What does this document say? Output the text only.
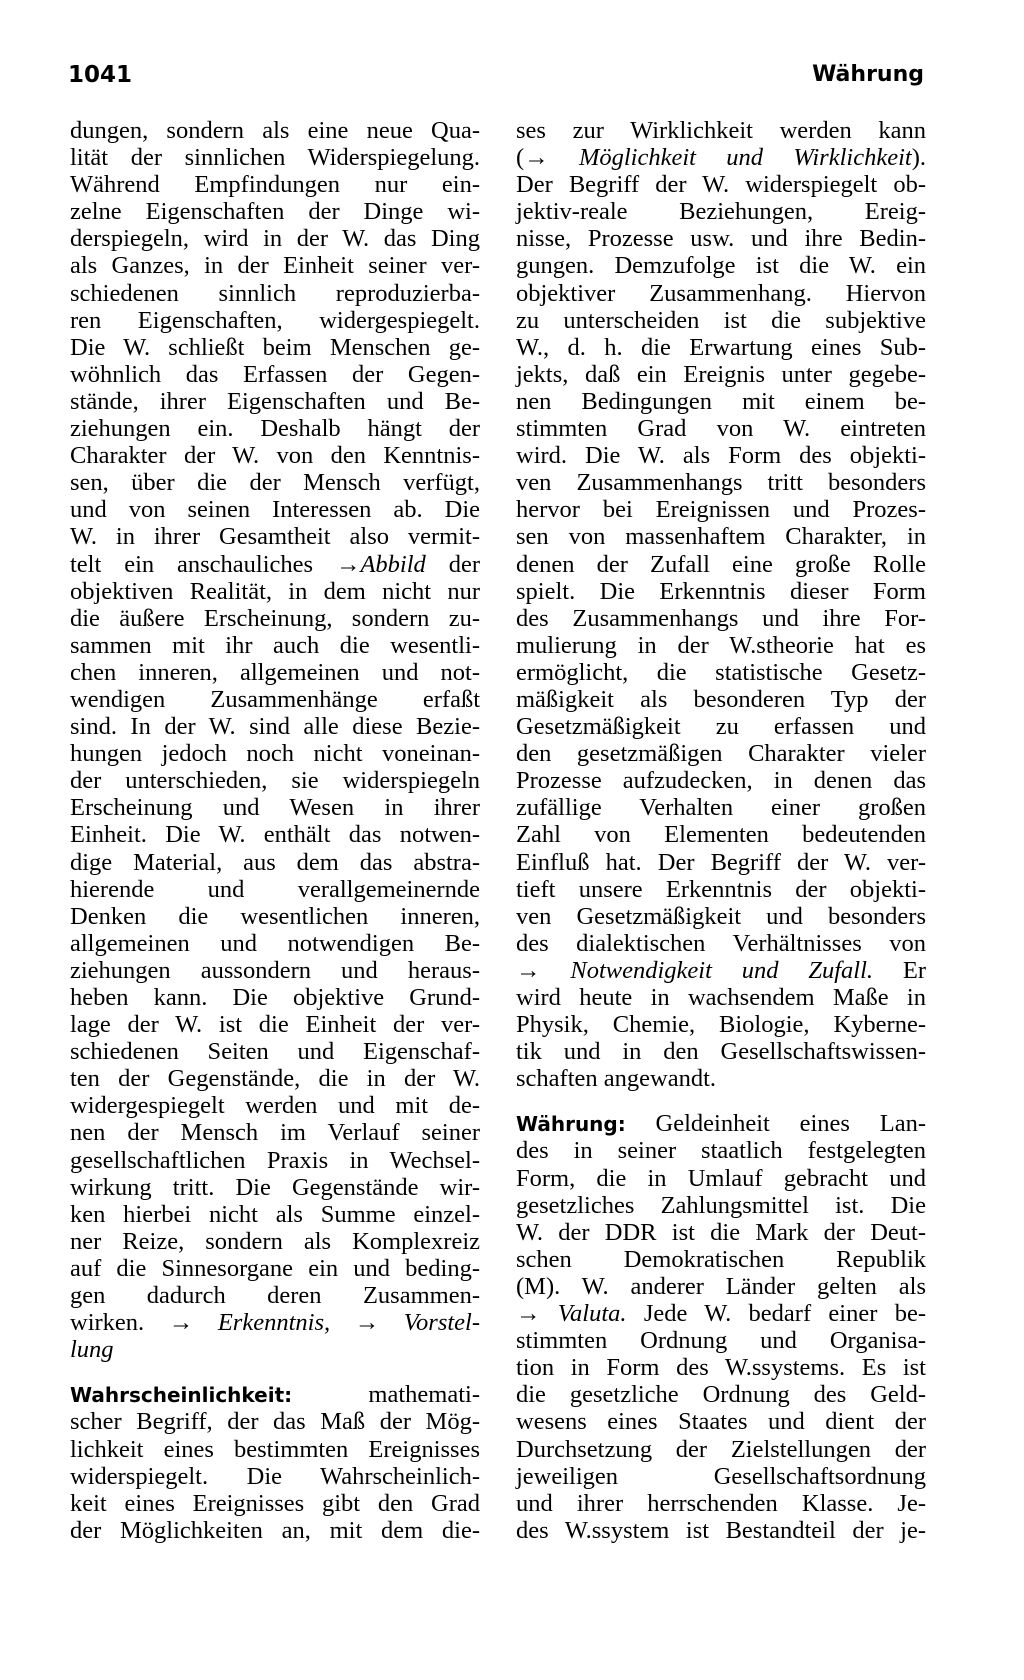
1041	Währung
dungen, sondern als eine neue Qua-
lität der sinnlichen Widerspiegelung.
Während Empfindungen nur ein-
zelne Eigenschaften der Dinge wi-
derspiegeln, wird in der W. das Ding
als Ganzes, in der Einheit seiner ver-
schiedenen sinnlich reproduzierba-
ren Eigenschaften, widergespiegelt.
Die W. schließt beim Menschen ge-
wöhnlich das Erfassen der Gegen-
stände, ihrer Eigenschaften und Be-
ziehungen ein. Deshalb hängt der
Charakter der W. von den Kenntnis-
sen, über die der Mensch verfügt,
und von seinen Interessen ab. Die
W. in ihrer Gesamtheit also vermit-
telt ein anschauliches →Abbild der
objektiven Realität, in dem nicht nur
die äußere Erscheinung, sondern zu-
sammen mit ihr auch die wesentli-
chen inneren, allgemeinen und not-
wendigen Zusammenhänge erfaßt
sind. In der W. sind alle diese Bezie-
hungen jedoch noch nicht voneinan-
der unterschieden, sie widerspiegeln
Erscheinung und Wesen in ihrer
Einheit. Die W. enthält das notwen-
dige Material, aus dem das abstra-
hierende und verallgemeinernde
Denken die wesentlichen inneren,
allgemeinen und notwendigen Be-
ziehungen aussondern und heraus-
heben kann. Die objektive Grund-
lage der W. ist die Einheit der ver-
schiedenen Seiten und Eigenschaf-
ten der Gegenstände, die in der W.
widergespiegelt werden und mit de-
nen der Mensch im Verlauf seiner
gesellschaftlichen Praxis in Wechsel-
wirkung tritt. Die Gegenstände wir-
ken hierbei nicht als Summe einzel-
ner Reize, sondern als Komplexreiz
auf die Sinnesorgane ein und beding-
gen dadurch deren Zusammen-
wirken. → Erkenntnis, → Vorstel-
lung
Wahrscheinlichkeit: mathemati-
scher Begriff, der das Maß der Mög-
lichkeit eines bestimmten Ereignisses
widerspiegelt. Die Wahrscheinlich-
keit eines Ereignisses gibt den Grad
der Möglichkeiten an, mit dem die-
ses zur Wirklichkeit werden kann
(→ Möglichkeit und Wirklichkeit).
Der Begriff der W. widerspiegelt ob-
jektiv-reale Beziehungen, Ereig-
nisse, Prozesse usw. und ihre Bedin-
gungen. Demzufolge ist die W. ein
objektiver Zusammenhang. Hiervon
zu unterscheiden ist die subjektive
W., d. h. die Erwartung eines Sub-
jekts, daß ein Ereignis unter gegebe-
nen Bedingungen mit einem be-
stimmten Grad von W. eintreten
wird. Die W. als Form des objekti-
ven Zusammenhangs tritt besonders
hervor bei Ereignissen und Prozes-
sen von massenhaftem Charakter, in
denen der Zufall eine große Rolle
spielt. Die Erkenntnis dieser Form
des Zusammenhangs und ihre For-
mulierung in der W.stheorie hat es
ermöglicht, die statistische Gesetz-
mäßigkeit als besonderen Typ der
Gesetzmäßigkeit zu erfassen und
den gesetzmäßigen Charakter vieler
Prozesse aufzudecken, in denen das
zufällige Verhalten einer großen
Zahl von Elementen bedeutenden
Einfluß hat. Der Begriff der W. ver-
tieft unsere Erkenntnis der objekti-
ven Gesetzmäßigkeit und besonders
des dialektischen Verhältnisses von
→ Notwendigkeit und Zufall. Er
wird heute in wachsendem Maße in
Physik, Chemie, Biologie, Kyberne-
tik und in den Gesellschaftswissen-
schaften angewandt.
Währung: Geldeinheit eines Lan-
des in seiner staatlich festgelegten
Form, die in Umlauf gebracht und
gesetzliches Zahlungsmittel ist. Die
W. der DDR ist die Mark der Deut-
schen Demokratischen Republik
(M). W. anderer Länder gelten als
→ Valuta. Jede W. bedarf einer be-
stimmten Ordnung und Organisa-
tion in Form des W.ssystems. Es ist
die gesetzliche Ordnung des Geld-
wesens eines Staates und dient der
Durchsetzung der Zielstellungen der
jeweiligen Gesellschaftsordnung
und ihrer herrschenden Klasse. Je-
des W.ssystem ist Bestandteil der je-
